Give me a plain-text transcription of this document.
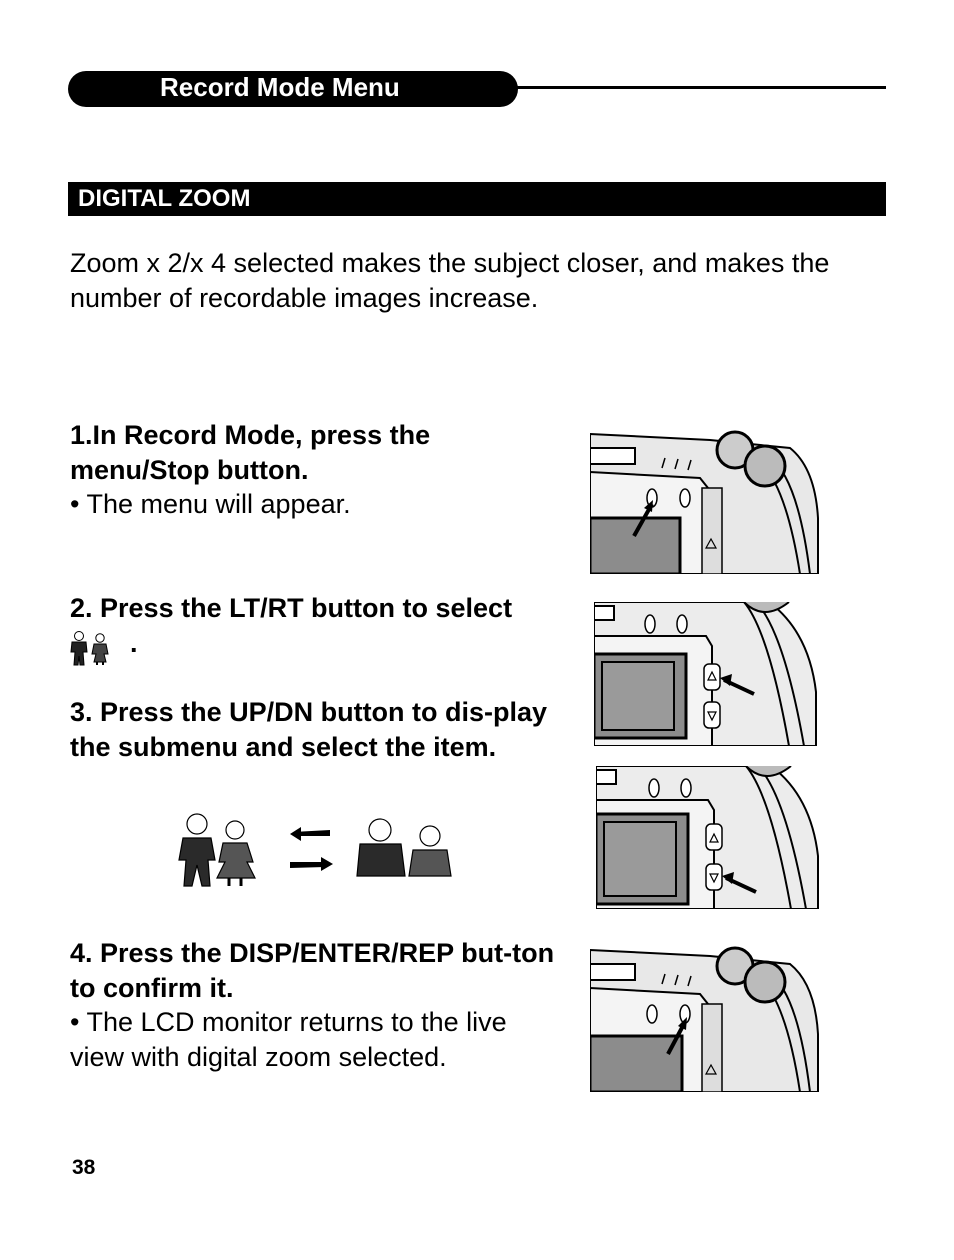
Record Mode Menu
DIGITAL ZOOM

Zoom x 2/x 4 selected makes the subject closer, and makes the number of recordable images increase.

1.In Record Mode, press the menu/Stop button.
• The menu will appear.
2. Press the LT/RT button to select
.
3. Press the UP/DN button to dis-play the submenu and select the item.
4. Press the DISP/ENTER/REP but-ton to confirm it.
• The LCD monitor returns to the live view with digital zoom selected.
38
